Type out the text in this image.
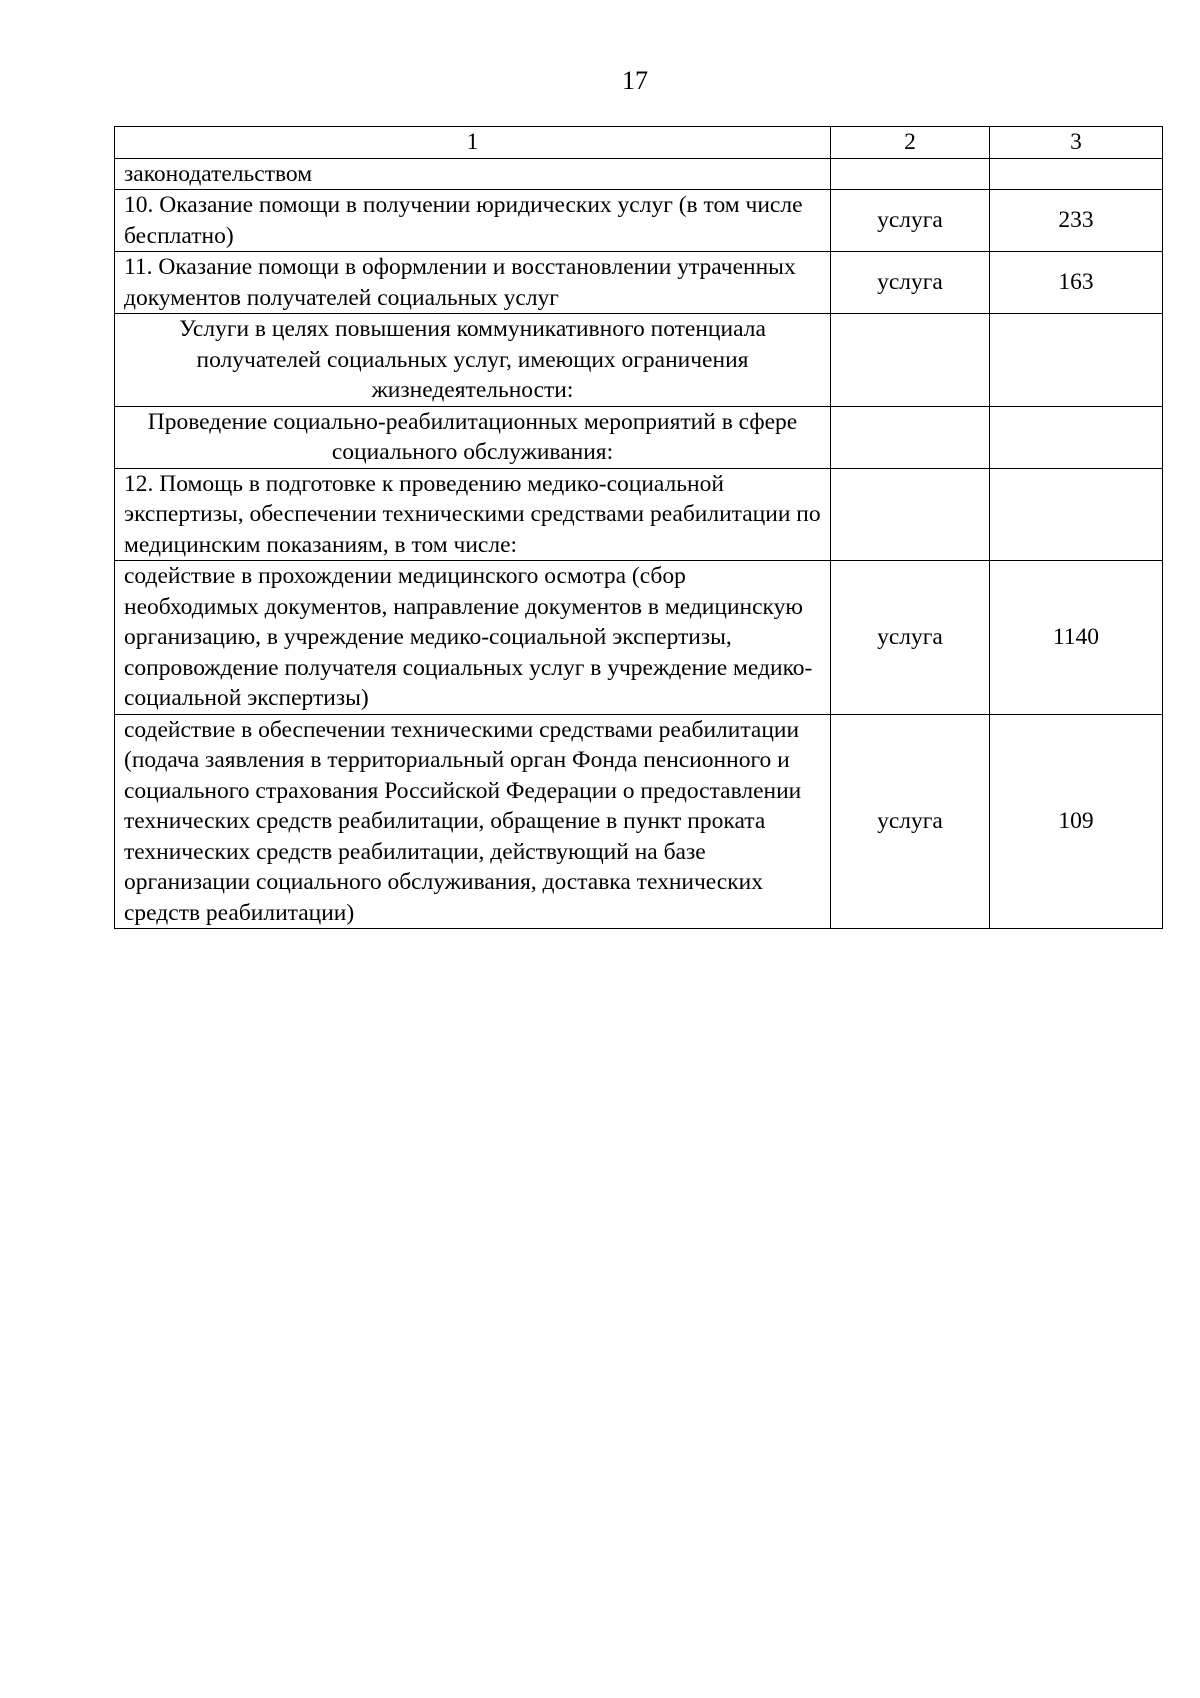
17
1	2	3
законодательством		
10. Оказание помощи в получении юридических услуг (в том числе бесплатно)	услуга	233
11. Оказание помощи в оформлении и восстановлении утраченных документов получателей социальных услуг	услуга	163
Услуги в целях повышения коммуникативного потенциала получателей социальных услуг, имеющих ограничения жизнедеятельности:		
Проведение социально-реабилитационных мероприятий в сфере социального обслуживания:		
12. Помощь в подготовке к проведению медико-социальной экспертизы, обеспечении техническими средствами реабилитации по медицинским показаниям, в том числе:		
содействие в прохождении медицинского осмотра (сбор необходимых документов, направление документов в медицинскую организацию, в учреждение медико-социальной экспертизы, сопровождение получателя социальных услуг в учреждение медико-социальной экспертизы)	услуга	1140
содействие в обеспечении техническими средствами реабилитации (подача заявления в территориальный орган Фонда пенсионного и социального страхования Российской Федерации о предоставлении технических средств реабилитации, обращение в пункт проката технических средств реабилитации, действующий на базе организации социального обслуживания, доставка технических средств реабилитации)	услуга	109
